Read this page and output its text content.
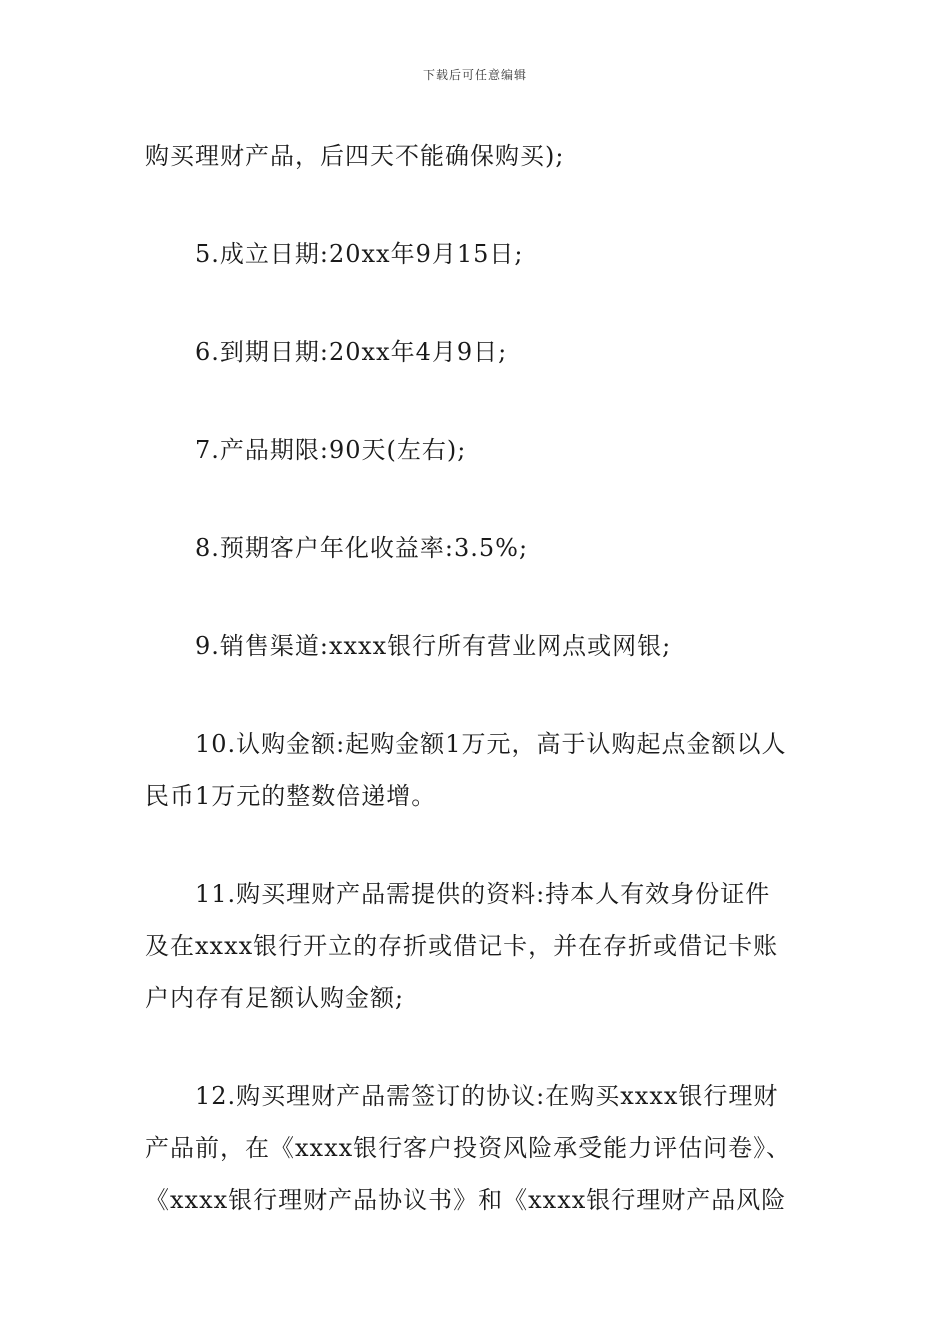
下载后可任意编辑
购买理财产品，后四天不能确保购买);
5.成立日期:20xx年9月15日;
6.到期日期:20xx年4月9日;
7.产品期限:90天(左右);
8.预期客户年化收益率:3.5%;
9.销售渠道:xxxx银行所有营业网点或网银;
10.认购金额:起购金额1万元，高于认购起点金额以人
民币1万元的整数倍递增。
11.购买理财产品需提供的资料:持本人有效身份证件
及在xxxx银行开立的存折或借记卡，并在存折或借记卡账
户内存有足额认购金额;
12.购买理财产品需签订的协议:在购买xxxx银行理财
产品前，在《xxxx银行客户投资风险承受能力评估问卷》、
《xxxx银行理财产品协议书》和《xxxx银行理财产品风险
